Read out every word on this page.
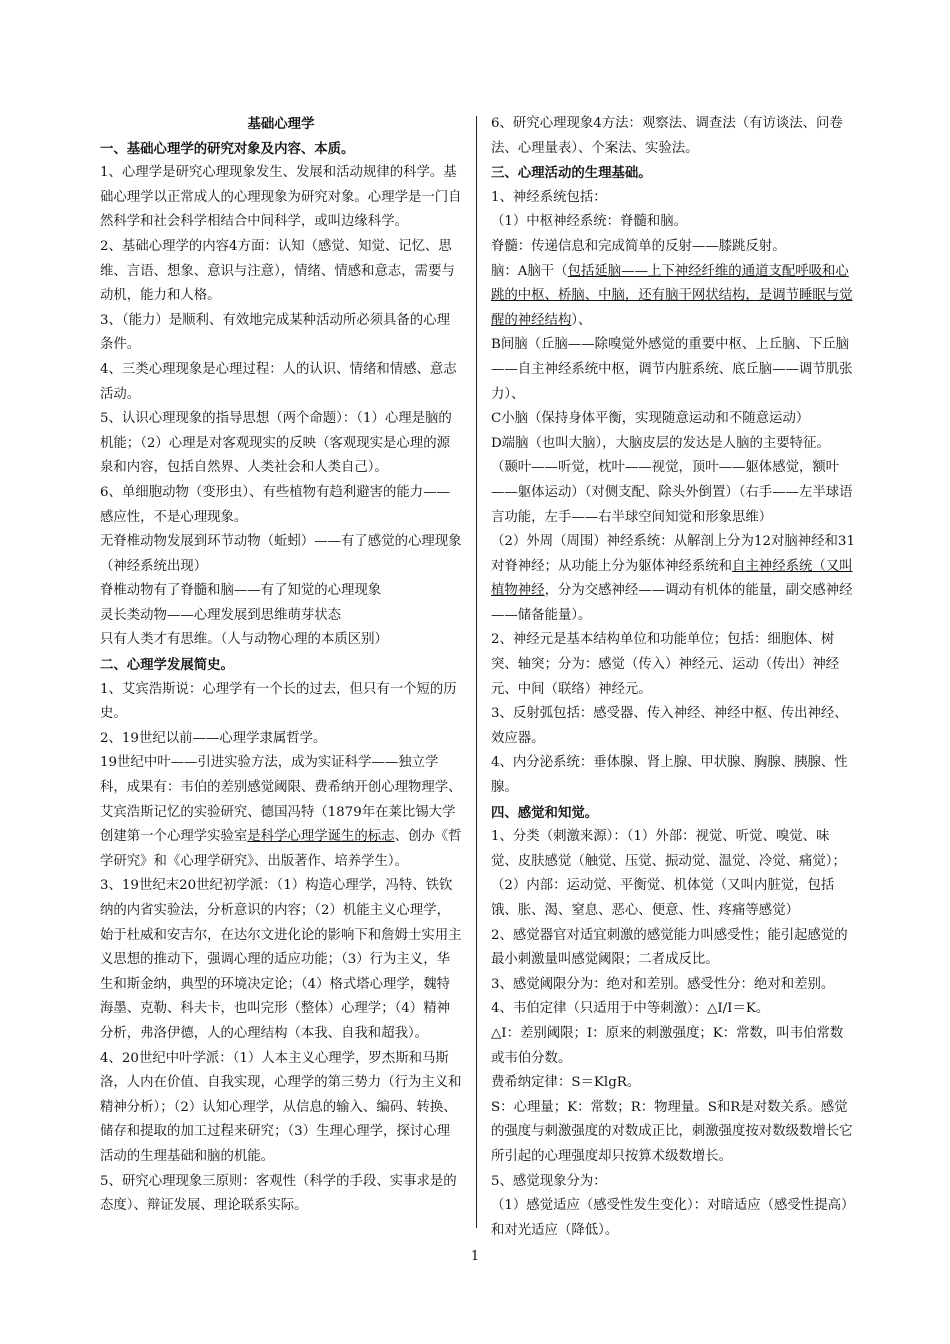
基础心理学

一、基础心理学的研究对象及内容、本质。

1、心理学是研究心理现象发生、发展和活动规律的科学。基础心理学以正常成人的心理现象为研究对象。心理学是一门自然科学和社会科学相结合中间科学，或叫边缘科学。

2、基础心理学的内容4方面：认知（感觉、知觉、记忆、思维、言语、想象、意识与注意），情绪、情感和意志，需要与动机，能力和人格。

3、（能力）是顺利、有效地完成某种活动所必须具备的心理条件。

4、三类心理现象是心理过程：人的认识、情绪和情感、意志活动。

5、认识心理现象的指导思想（两个命题）：（1）心理是脑的机能；（2）心理是对客观现实的反映（客观现实是心理的源泉和内容，包括自然界、人类社会和人类自己）。

6、单细胞动物（变形虫）、有些植物有趋利避害的能力——感应性，不是心理现象。

无脊椎动物发展到环节动物（蚯蚓）——有了感觉的心理现象（神经系统出现）

脊椎动物有了脊髓和脑——有了知觉的心理现象

灵长类动物——心理发展到思维萌芽状态

只有人类才有思维。（人与动物心理的本质区别）

二、心理学发展简史。

1、艾宾浩斯说：心理学有一个长的过去，但只有一个短的历史。

2、19世纪以前——心理学隶属哲学。

19世纪中叶——引进实验方法，成为实证科学——独立学科，成果有：韦伯的差别感觉阈限、费希纳开创心理物理学、艾宾浩斯记忆的实验研究、德国冯特（1879年在莱比锡大学创建第一个心理学实验室是科学心理学诞生的标志、创办《哲学研究》和《心理学研究》、出版著作、培养学生）。

3、19世纪末20世纪初学派：（1）构造心理学，冯特、铁钦纳的内省实验法，分析意识的内容；（2）机能主义心理学，始于杜威和安吉尔，在达尔文进化论的影响下和詹姆士实用主义思想的推动下，强调心理的适应功能；（3）行为主义，华生和斯金纳，典型的环境决定论；（4）格式塔心理学，魏特海墨、克勒、科夫卡，也叫完形（整体）心理学；（4）精神分析，弗洛伊德，人的心理结构（本我、自我和超我）。

4、20世纪中叶学派：（1）人本主义心理学，罗杰斯和马斯洛，人内在价值、自我实现，心理学的第三势力（行为主义和精神分析）；（2）认知心理学，从信息的输入、编码、转换、储存和提取的加工过程来研究；（3）生理心理学，探讨心理活动的生理基础和脑的机能。

5、研究心理现象三原则：客观性（科学的手段、实事求是的态度）、辩证发展、理论联系实际。

6、研究心理现象4方法：观察法、调查法（有访谈法、问卷法、心理量表）、个案法、实验法。

三、心理活动的生理基础。

1、神经系统包括：

（1）中枢神经系统：脊髓和脑。

脊髓：传递信息和完成简单的反射——膝跳反射。

脑：A脑干（包括延脑——上下神经纤维的通道支配呼吸和心跳的中枢、桥脑、中脑，还有脑干网状结构，是调节睡眠与觉醒的神经结构）、

B间脑（丘脑——除嗅觉外感觉的重要中枢、上丘脑、下丘脑——自主神经系统中枢，调节内脏系统、底丘脑——调节肌张力）、

C小脑（保持身体平衡，实现随意运动和不随意运动）

D端脑（也叫大脑），大脑皮层的发达是人脑的主要特征。

（颞叶——听觉，枕叶——视觉，顶叶——躯体感觉，额叶——躯体运动）（对侧支配、除头外倒置）（右手——左半球语言功能，左手——右半球空间知觉和形象思维）

（2）外周（周围）神经系统：从解剖上分为12对脑神经和31对脊神经；从功能上分为躯体神经系统和自主神经系统（又叫植物神经，分为交感神经——调动有机体的能量，副交感神经——储备能量）。

2、神经元是基本结构单位和功能单位；包括：细胞体、树突、轴突；分为：感觉（传入）神经元、运动（传出）神经元、中间（联络）神经元。

3、反射弧包括：感受器、传入神经、神经中枢、传出神经、效应器。

4、内分泌系统：垂体腺、肾上腺、甲状腺、胸腺、胰腺、性腺。

四、感觉和知觉。

1、分类（刺激来源）：（1）外部：视觉、听觉、嗅觉、味觉、皮肤感觉（触觉、压觉、振动觉、温觉、冷觉、痛觉）；（2）内部：运动觉、平衡觉、机体觉（又叫内脏觉，包括饿、胀、渴、窒息、恶心、便意、性、疼痛等感觉）

2、感觉器官对适宜刺激的感觉能力叫感受性；能引起感觉的最小刺激量叫感觉阈限；二者成反比。

3、感觉阈限分为：绝对和差别。感受性分：绝对和差别。

4、韦伯定律（只适用于中等刺激）：△I/I＝K。

△I：差别阈限；I：原来的刺激强度；K：常数，叫韦伯常数或韦伯分数。

费希纳定律：S＝KlgR。

S：心理量；K：常数；R：物理量。S和R是对数关系。感觉的强度与刺激强度的对数成正比，刺激强度按对数级数增长它所引起的心理强度却只按算术级数增长。

5、感觉现象分为：

（1）感觉适应（感受性发生变化）：对暗适应（感受性提高）和对光适应（降低）。

1
